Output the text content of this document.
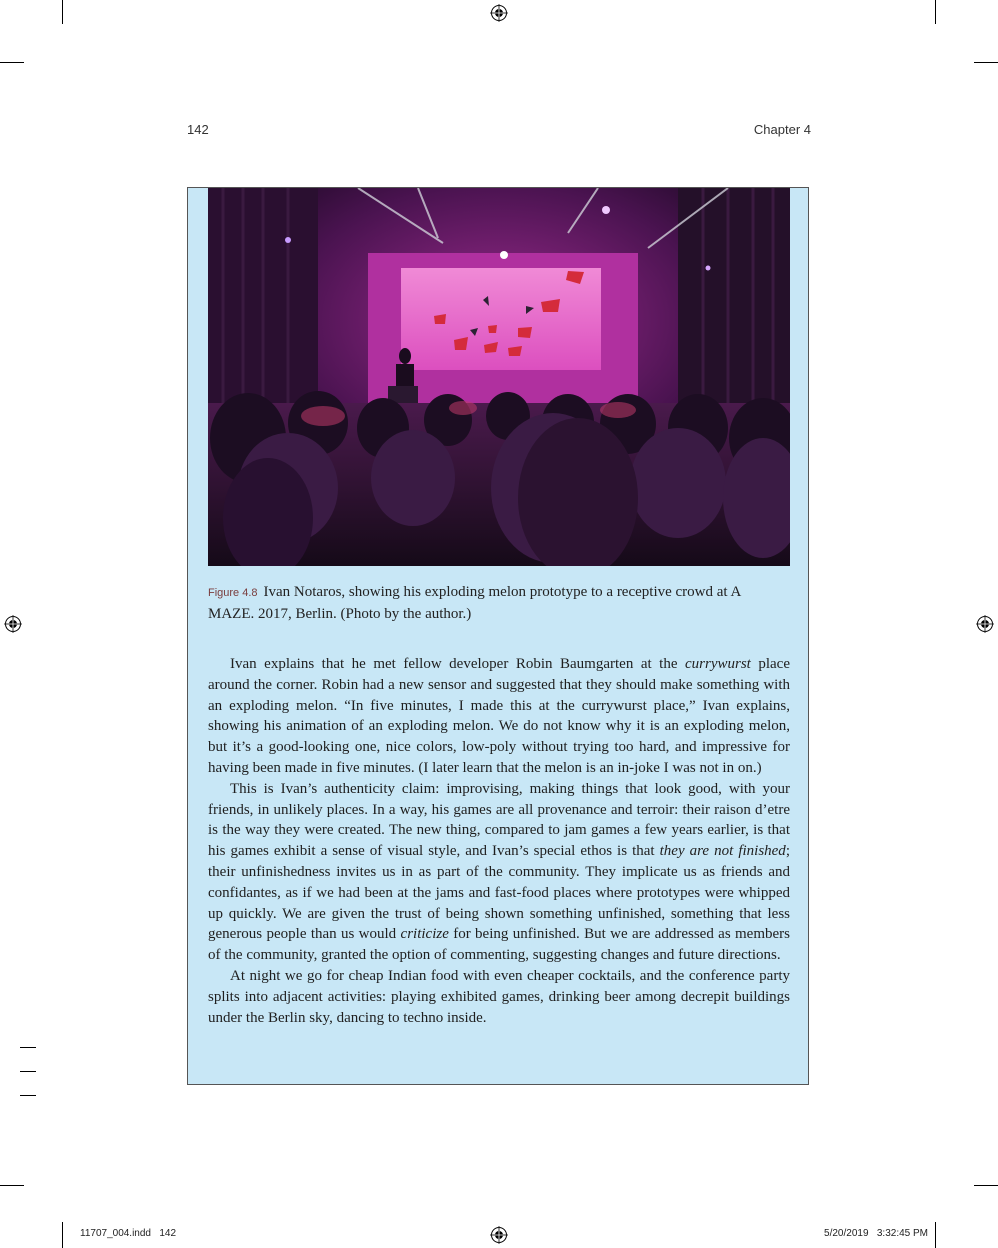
142	Chapter 4
Figure 4.8 Ivan Notaros, showing his exploding melon prototype to a receptive crowd at A MAZE. 2017, Berlin. (Photo by the author.)

Ivan explains that he met fellow developer Robin Baumgarten at the currywurst place around the corner. Robin had a new sensor and suggested that they should make something with an exploding melon. “In five minutes, I made this at the currywurst place,” Ivan explains, showing his animation of an exploding melon. We do not know why it is an exploding melon, but it’s a good-looking one, nice colors, low-poly without trying too hard, and impressive for having been made in five minutes. (I later learn that the melon is an in-joke I was not in on.)

This is Ivan’s authenticity claim: improvising, making things that look good, with your friends, in unlikely places. In a way, his games are all provenance and terroir: their raison d’etre is the way they were created. The new thing, compared to jam games a few years earlier, is that his games exhibit a sense of visual style, and Ivan’s special ethos is that they are not finished; their unfinishedness invites us in as part of the community. They implicate us as friends and confidantes, as if we had been at the jams and fast-food places where prototypes were whipped up quickly. We are given the trust of being shown something unfinished, something that less generous people than us would criticize for being unfinished. But we are addressed as members of the community, granted the option of commenting, suggesting changes and future directions.

At night we go for cheap Indian food with even cheaper cocktails, and the conference party splits into adjacent activities: playing exhibited games, drinking beer among decrepit buildings under the Berlin sky, dancing to techno inside.

11707_004.indd   142	5/20/2019   3:32:45 PM
